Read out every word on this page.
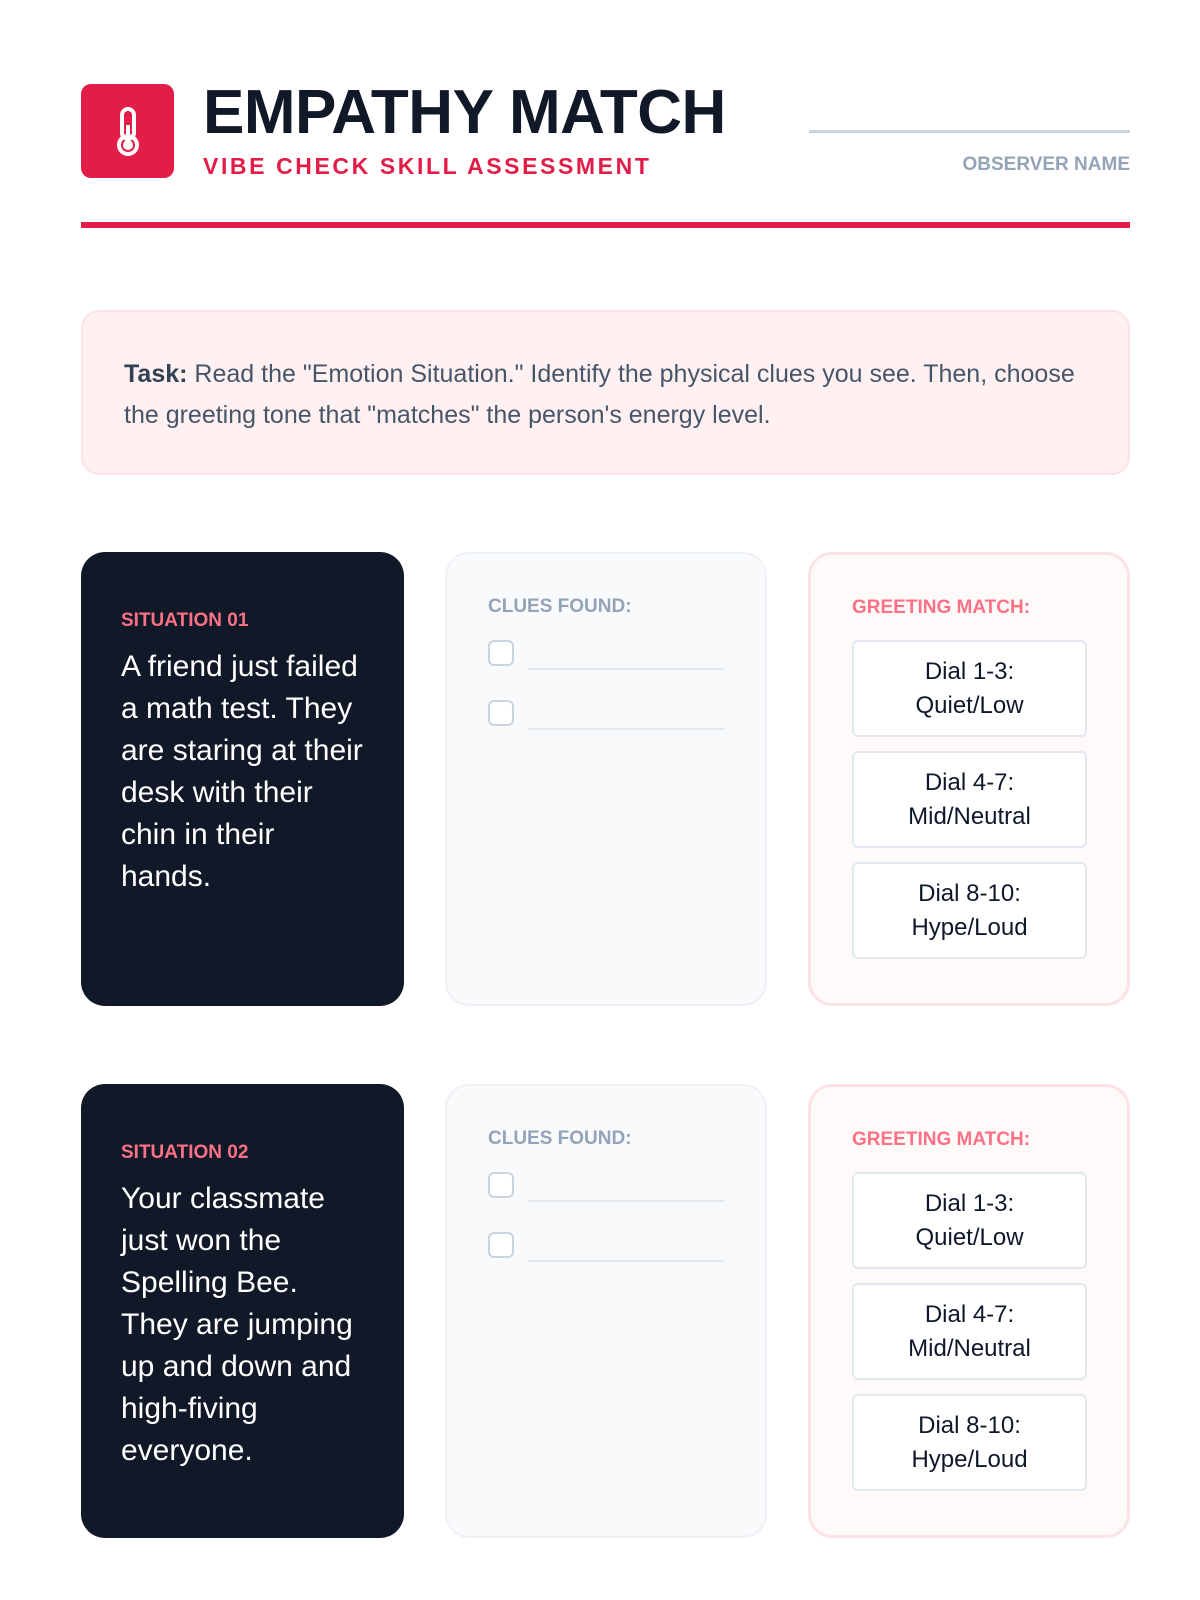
EMPATHY MATCH
VIBE CHECK SKILL ASSESSMENT	OBSERVER NAME
Task: Read the "Emotion Situation." Identify the physical clues you see. Then, choose the greeting tone that "matches" the person's energy level.
SITUATION 01
A friend just failed a math test. They are staring at their desk with their chin in their hands.
CLUES FOUND:	GREETING MATCH:
Dial 1-3: Quiet/Low
Dial 4-7: Mid/Neutral
Dial 8-10: Hype/Loud
SITUATION 02
Your classmate just won the Spelling Bee. They are jumping up and down and high-fiving everyone.
CLUES FOUND:	GREETING MATCH:
Dial 1-3: Quiet/Low
Dial 4-7: Mid/Neutral
Dial 8-10: Hype/Loud
